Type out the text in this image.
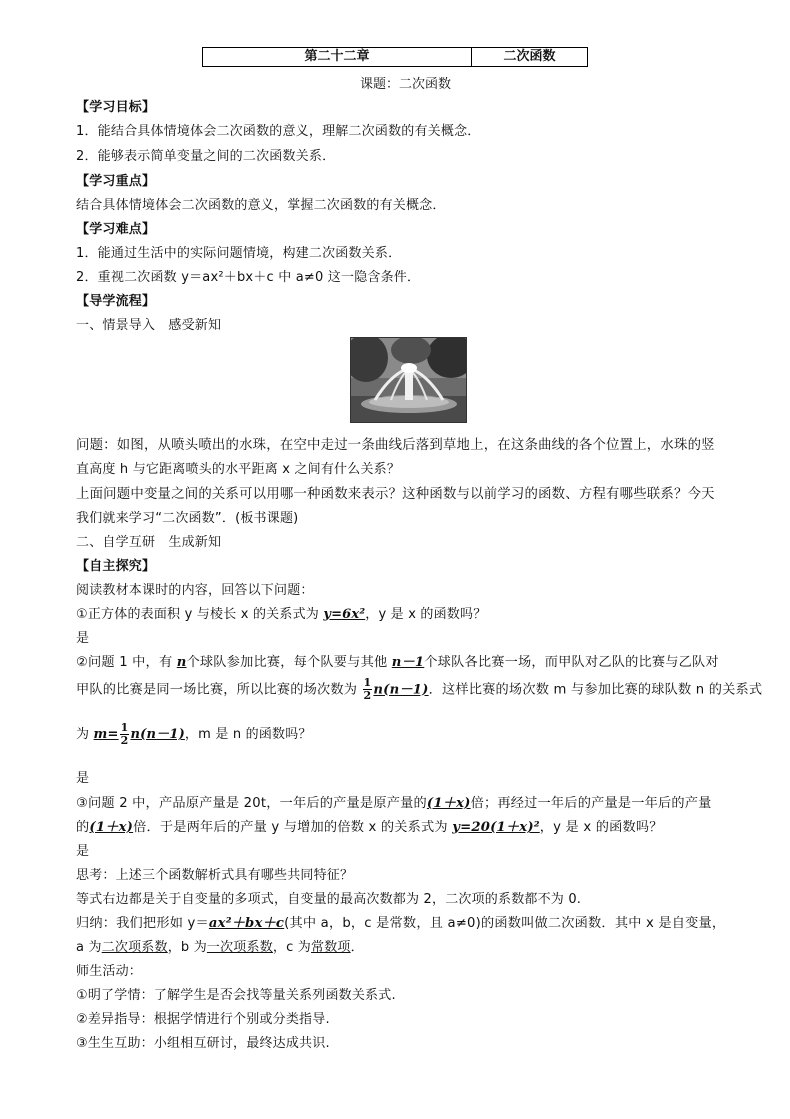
第二十二章	二次函数
课题：二次函数
【学习目标】
1．能结合具体情境体会二次函数的意义，理解二次函数的有关概念．
2．能够表示简单变量之间的二次函数关系．
【学习重点】
结合具体情境体会二次函数的意义，掌握二次函数的有关概念．
【学习难点】
1．能通过生活中的实际问题情境，构建二次函数关系．
2．重视二次函数 y＝ax²＋bx＋c 中 a≠0 这一隐含条件．
【导学流程】
一、情景导入　感受新知
问题：如图，从喷头喷出的水珠，在空中走过一条曲线后落到草地上，在这条曲线的各个位置上，水珠的竖
直高度 h 与它距离喷头的水平距离 x 之间有什么关系？
上面问题中变量之间的关系可以用哪一种函数来表示？这种函数与以前学习的函数、方程有哪些联系？今天
我们就来学习“二次函数”．(板书课题)
二、自学互研　生成新知
【自主探究】
阅读教材本课时的内容，回答以下问题：
①正方体的表面积 y 与棱长 x 的关系式为 y=6x²，y 是 x 的函数吗？
是
②问题 1 中，有 n个球队参加比赛，每个队要与其他 n－1个球队各比赛一场，而甲队对乙队的比赛与乙队对
甲队的比赛是同一场比赛，所以比赛的场次数为 $\frac{1}{2} n(n-1)$．这样比赛的场次数 m 与参加比赛的球队数 n 的关系式
为 $m= \frac{1}{2} n(n-1)$，m 是 n 的函数吗？
是
③问题 2 中，产品原产量是 20t，一年后的产量是原产量的(1＋x)倍；再经过一年后的产量是一年后的产量
的(1＋x)倍．于是两年后的产量 y 与增加的倍数 x 的关系式为 y=20(1＋x)²，y 是 x 的函数吗？
是
思考：上述三个函数解析式具有哪些共同特征？
等式右边都是关于自变量的多项式，自变量的最高次数都为 2，二次项的系数都不为 0.
归纳：我们把形如 y＝ax²＋bx＋c(其中 a，b，c 是常数，且 a≠0)的函数叫做二次函数．其中 x 是自变量，
a 为二次项系数，b 为一次项系数，c 为常数项．
师生活动：
①明了学情：了解学生是否会找等量关系列函数关系式.
②差异指导：根据学情进行个别或分类指导.
③生生互助：小组相互研讨，最终达成共识.
